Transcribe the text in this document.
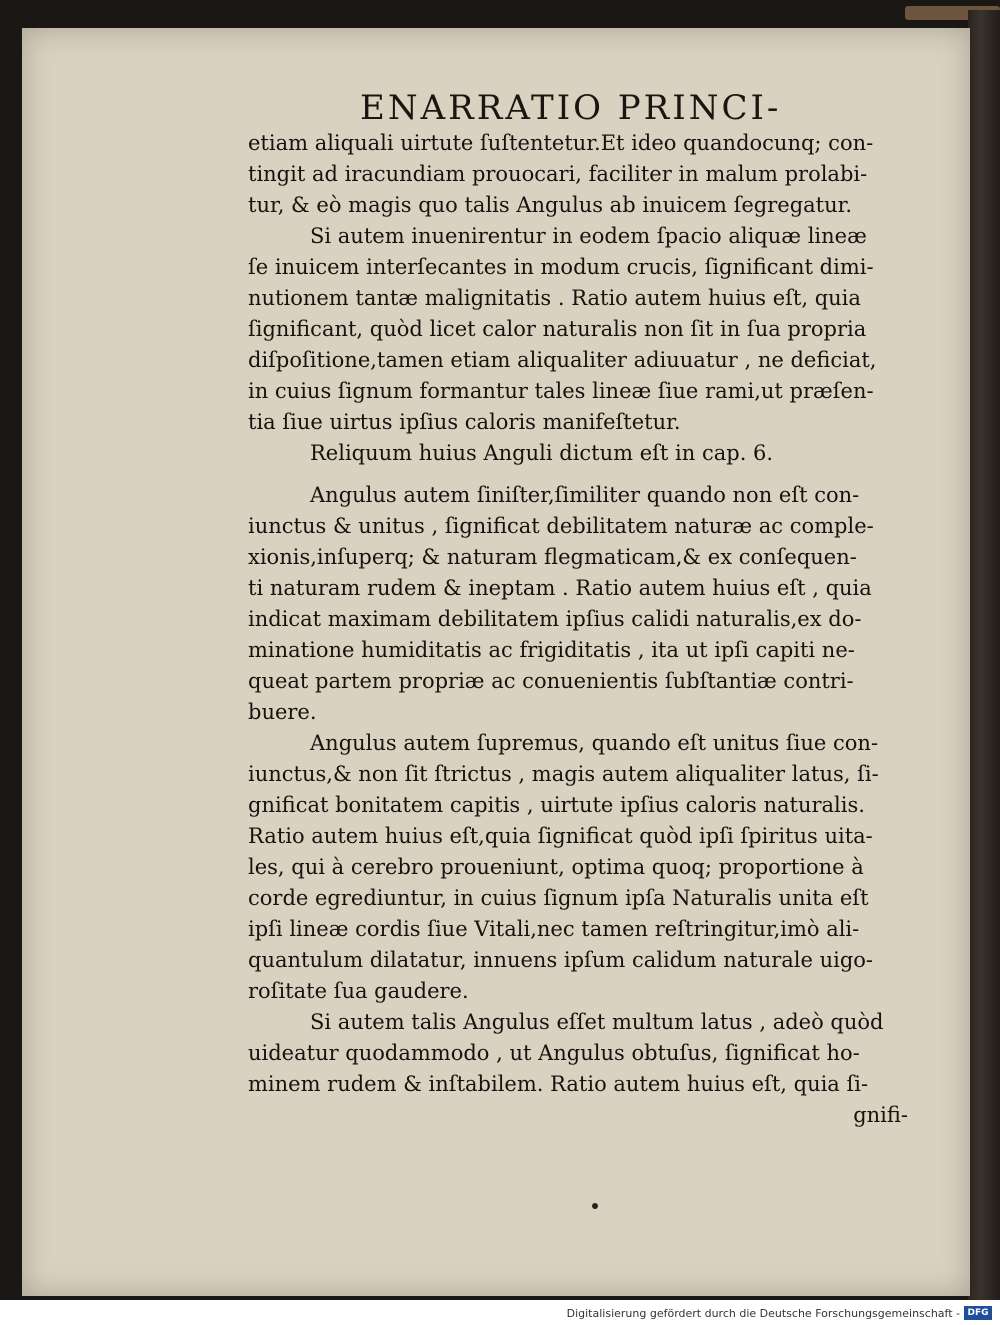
ENARRATIO PRINCI-
etiam aliquali uirtute ſuſtentetur.Et ideo quandocunq; con-
tingit ad iracundiam prouocari, faciliter in malum prolabi-
tur, & eò magis quo talis Angulus ab inuicem ſegregatur.
Si autem inuenirentur in eodem ſpacio aliquæ lineæ
ſe inuicem interſecantes in modum crucis, ſignificant dimi-
nutionem tantæ malignitatis . Ratio autem huius eſt, quia
ſignificant, quòd licet calor naturalis non ſit in ſua propria
diſpoſitione,tamen etiam aliqualiter adiuuatur , ne deficiat,
in cuius ſignum formantur tales lineæ ſiue rami,ut præſen-
tia ſiue uirtus ipſius caloris manifeſtetur.
Reliquum huius Anguli dictum eſt in cap. 6.
Angulus autem ſiniſter,ſimiliter quando non eſt con-
iunctus & unitus , ſignificat debilitatem naturæ ac comple-
xionis,inſuperq; & naturam flegmaticam,& ex conſequen-
ti naturam rudem & ineptam . Ratio autem huius eſt , quia
indicat maximam debilitatem ipſius calidi naturalis,ex do-
minatione humiditatis ac frigiditatis , ita ut ipſi capiti ne-
queat partem propriæ ac conuenientis ſubſtantiæ contri-
buere.
Angulus autem ſupremus, quando eſt unitus ſiue con-
iunctus,& non ſit ſtrictus , magis autem aliqualiter latus, ſi-
gnificat bonitatem capitis , uirtute ipſius caloris naturalis.
Ratio autem huius eſt,quia ſignificat quòd ipſi ſpiritus uita-
les, qui à cerebro proueniunt, optima quoq; proportione à
corde egrediuntur, in cuius ſignum ipſa Naturalis unita eſt
ipſi lineæ cordis ſiue Vitali,nec tamen reſtringitur,imò ali-
quantulum dilatatur, innuens ipſum calidum naturale uigo-
roſitate ſua gaudere.
Si autem talis Angulus eſſet multum latus , adeò quòd
uideatur quodammodo , ut Angulus obtuſus, ſignificat ho-
minem rudem & inſtabilem. Ratio autem huius eſt, quia ſi-
gnifi-
Digitalisierung gefördert durch die Deutsche Forschungsgemeinschaft - DFG
